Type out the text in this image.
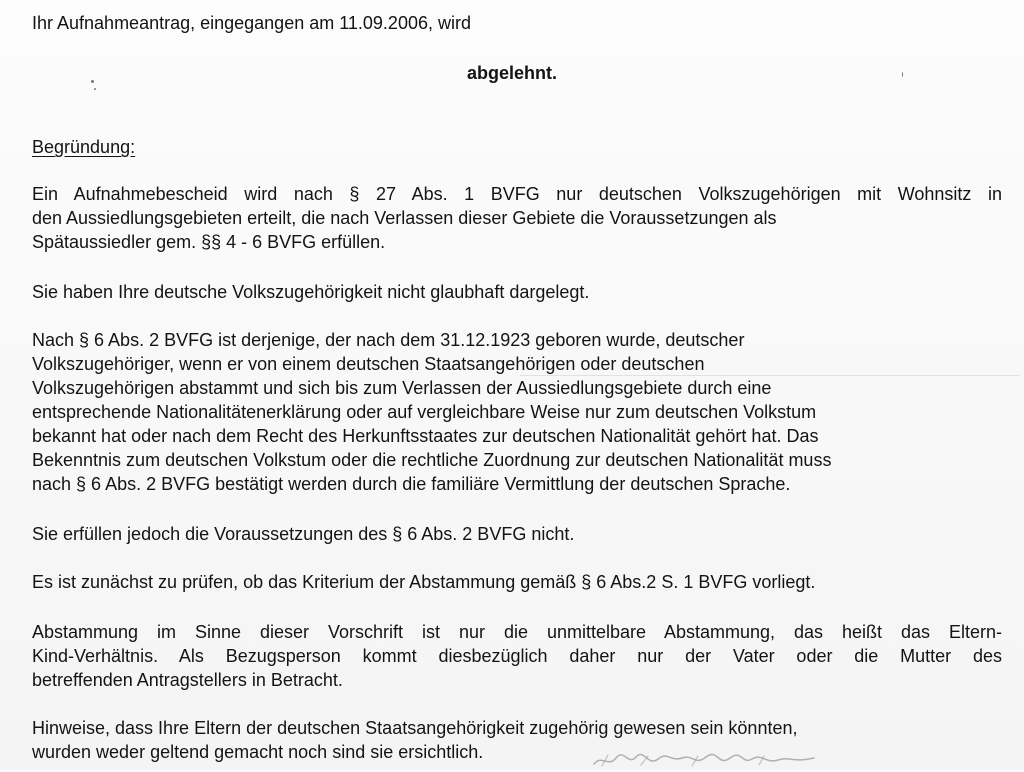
Ihr Aufnahmeantrag, eingegangen am 11.09.2006, wird
abgelehnt.
Begründung:
Ein Aufnahmebescheid wird nach § 27 Abs. 1 BVFG nur deutschen Volkszugehörigen mit Wohnsitz in
den Aussiedlungsgebieten erteilt, die nach Verlassen dieser Gebiete die Voraussetzungen als
Spätaussiedler gem. §§ 4 - 6 BVFG erfüllen.
Sie haben Ihre deutsche Volkszugehörigkeit nicht glaubhaft dargelegt.
Nach § 6 Abs. 2 BVFG ist derjenige, der nach dem 31.12.1923 geboren wurde, deutscher
Volkszugehöriger, wenn er von einem deutschen Staatsangehörigen oder deutschen
Volkszugehörigen abstammt und sich bis zum Verlassen der Aussiedlungsgebiete durch eine
entsprechende Nationalitätenerklärung oder auf vergleichbare Weise nur zum deutschen Volkstum
bekannt hat oder nach dem Recht des Herkunftsstaates zur deutschen Nationalität gehört hat. Das
Bekenntnis zum deutschen Volkstum oder die rechtliche Zuordnung zur deutschen Nationalität muss
nach § 6 Abs. 2 BVFG bestätigt werden durch die familiäre Vermittlung der deutschen Sprache.
Sie erfüllen jedoch die Voraussetzungen des § 6 Abs. 2 BVFG nicht.
Es ist zunächst zu prüfen, ob das Kriterium der Abstammung gemäß § 6 Abs.2 S. 1 BVFG vorliegt.
Abstammung im Sinne dieser Vorschrift ist nur die unmittelbare Abstammung, das heißt das Eltern-
Kind-Verhältnis. Als Bezugsperson kommt diesbezüglich daher nur der Vater oder die Mutter des
betreffenden Antragstellers in Betracht.
Hinweise, dass Ihre Eltern der deutschen Staatsangehörigkeit zugehörig gewesen sein könnten,
wurden weder geltend gemacht noch sind sie ersichtlich.
